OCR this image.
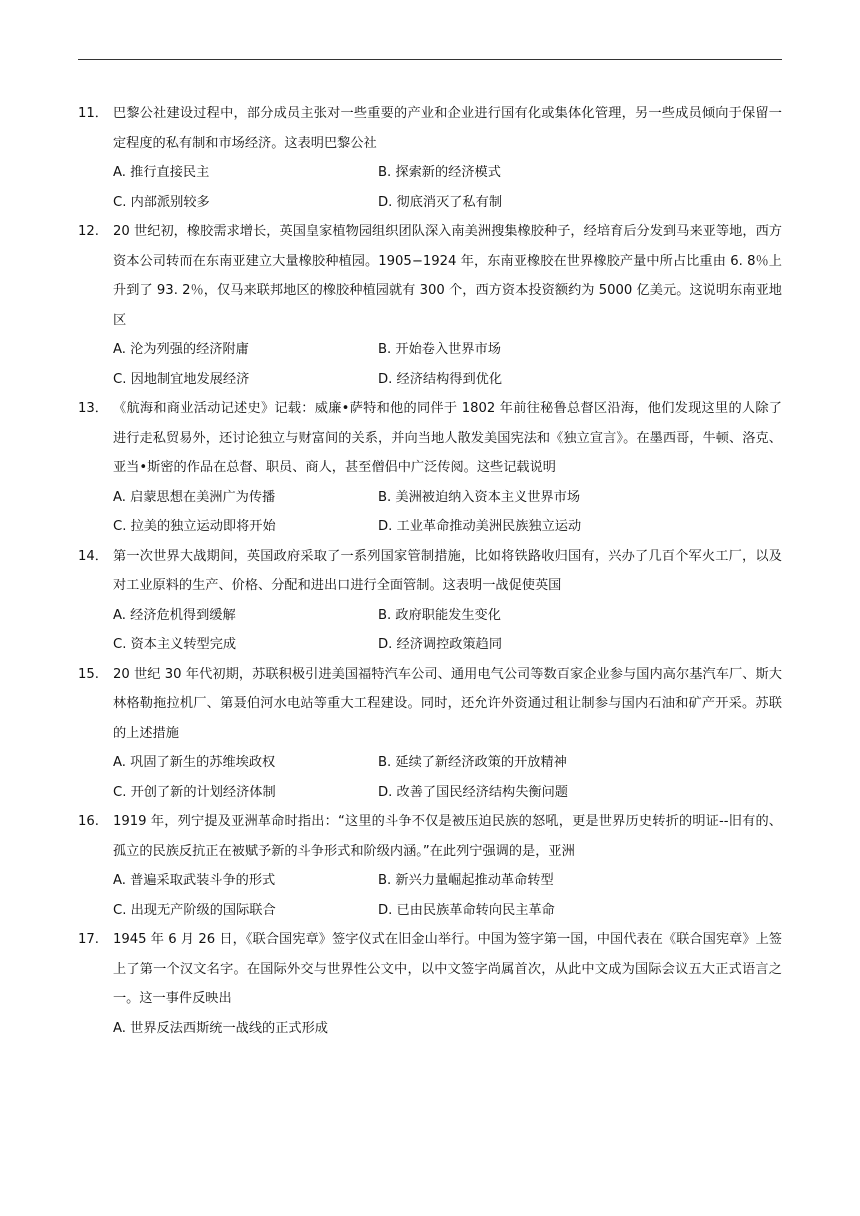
11． 巴黎公社建设过程中，部分成员主张对一些重要的产业和企业进行国有化或集体化管理，另一些成员倾向于保留一定程度的私有制和市场经济。这表明巴黎公社
A. 推行直接民主	B. 探索新的经济模式
C. 内部派别较多	D. 彻底消灭了私有制
12.	20 世纪初，橡胶需求增长，英国皇家植物园组织团队深入南美洲搜集橡胶种子，经培育后分发到马来亚等地，西方资本公司转而在东南亚建立大量橡胶种植园。1905−1924 年，东南亚橡胶在世界橡胶产量中所占比重由 6. 8％上升到了 93. 2％，仅马来联邦地区的橡胶种植园就有 300 个，西方资本投资额约为 5000 亿美元。这说明东南亚地区
A. 沦为列强的经济附庸	B. 开始卷入世界市场
C. 因地制宜地发展经济	D. 经济结构得到优化
13． 《航海和商业活动记述史》记载：威廉•萨特和他的同伴于 1802 年前往秘鲁总督区沿海，他们发现这里的人除了进行走私贸易外，还讨论独立与财富间的关系，并向当地人散发美国宪法和《独立宣言》。在墨西哥，牛顿、洛克、亚当•斯密的作品在总督、职员、商人，甚至僧侣中广泛传阅。这些记载说明
A. 启蒙思想在美洲广为传播	B. 美洲被迫纳入资本主义世界市场
C. 拉美的独立运动即将开始	D. 工业革命推动美洲民族独立运动
14． 第一次世界大战期间，英国政府采取了一系列国家管制措施，比如将铁路收归国有，兴办了几百个军火工厂，以及对工业原料的生产、价格、分配和进出口进行全面管制。这表明一战促使英国
A. 经济危机得到缓解	B. 政府职能发生变化
C. 资本主义转型完成	D. 经济调控政策趋同
15.	20 世纪 30 年代初期，苏联积极引进美国福特汽车公司、通用电气公司等数百家企业参与国内高尔基汽车厂、斯大林格勒拖拉机厂、第聂伯河水电站等重大工程建设。同时，还允许外资通过租让制参与国内石油和矿产开采。苏联的上述措施
A. 巩固了新生的苏维埃政权	B. 延续了新经济政策的开放精神
C. 开创了新的计划经济体制	D. 改善了国民经济结构失衡问题
16.	1919 年，列宁提及亚洲革命时指出：“这里的斗争不仅是被压迫民族的怒吼，更是世界历史转折的明证--旧有的、孤立的民族反抗正在被赋予新的斗争形式和阶级内涵。”在此列宁强调的是，亚洲
A. 普遍采取武装斗争的形式	B. 新兴力量崛起推动革命转型
C. 出现无产阶级的国际联合	D. 已由民族革命转向民主革命
17.	1945 年 6 月 26 日，《联合国宪章》签字仪式在旧金山举行。中国为签字第一国，中国代表在《联合国宪章》上签上了第一个汉文名字。在国际外交与世界性公文中，以中文签字尚属首次，从此中文成为国际会议五大正式语言之一。这一事件反映出
A. 世界反法西斯统一战线的正式形成
